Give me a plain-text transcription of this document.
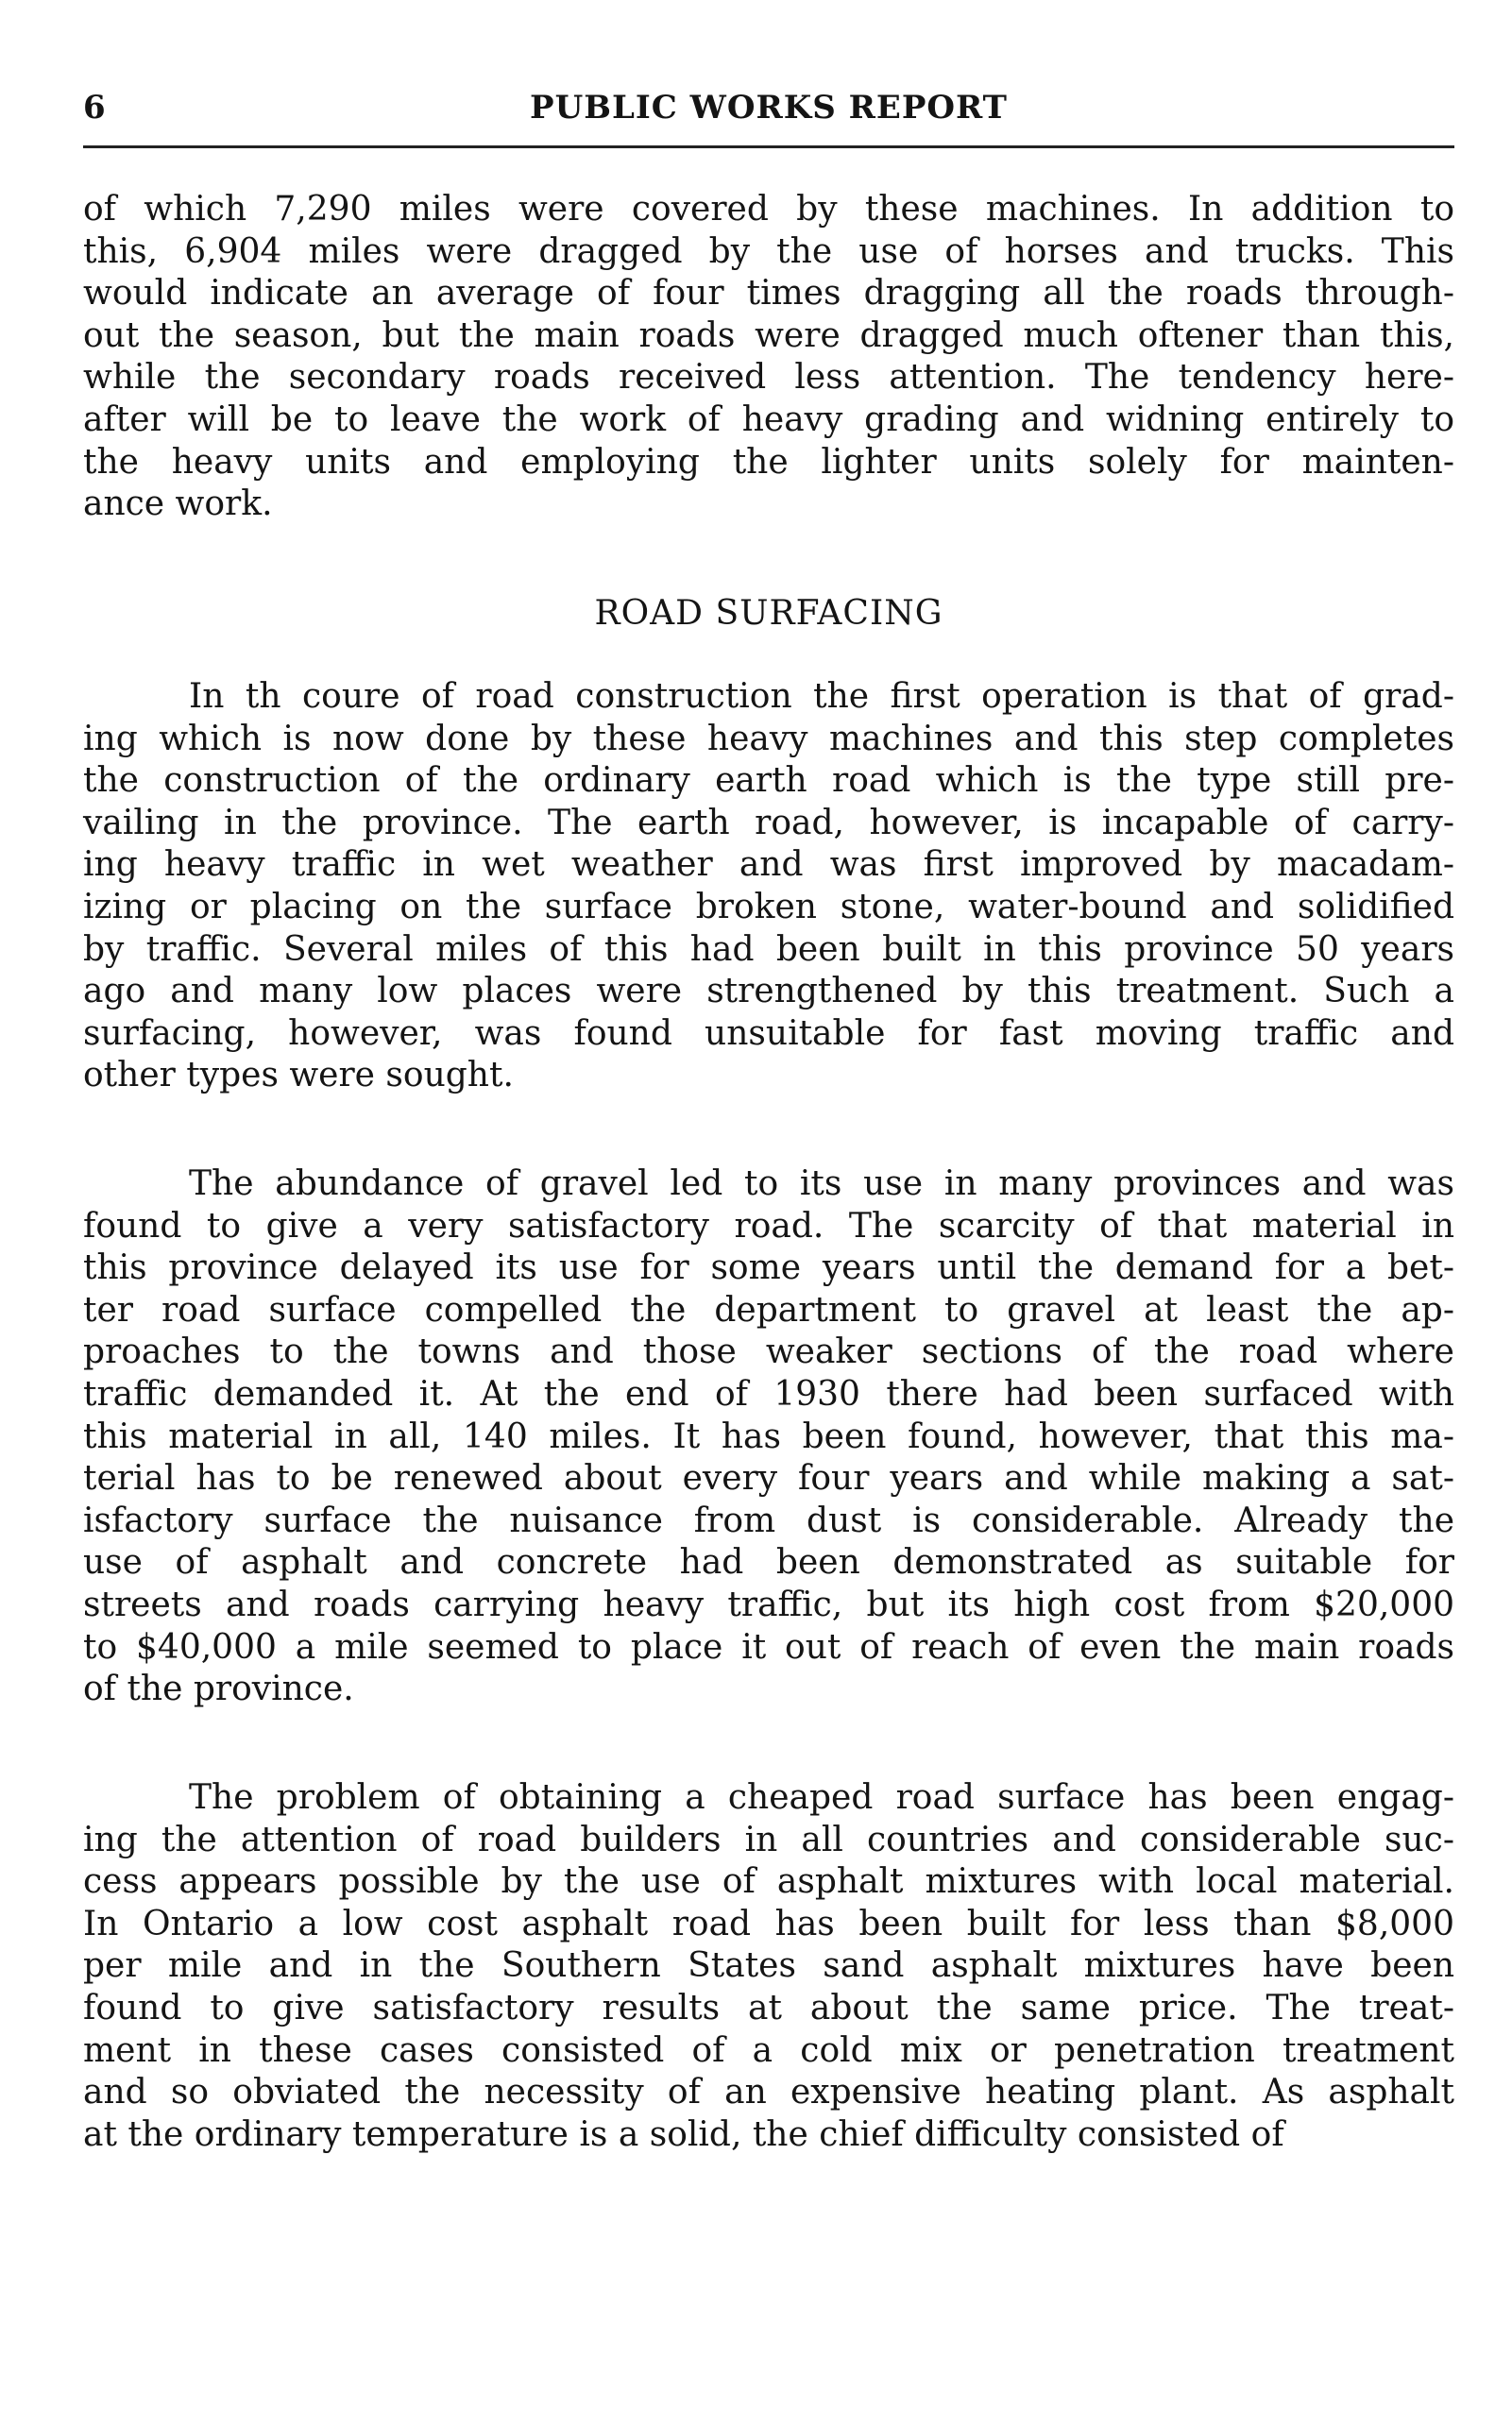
6	PUBLIC WORKS REPORT
of which 7,290 miles were covered by these machines. In addition to
this, 6,904 miles were dragged by the use of horses and trucks. This
would indicate an average of four times dragging all the roads through-
out the season, but the main roads were dragged much oftener than this,
while the secondary roads received less attention. The tendency here-
after will be to leave the work of heavy grading and widning entirely to
the heavy units and employing the lighter units solely for mainten-
ance work.
ROAD SURFACING
In th coure of road construction the first operation is that of grad-
ing which is now done by these heavy machines and this step completes
the construction of the ordinary earth road which is the type still pre-
vailing in the province. The earth road, however, is incapable of carry-
ing heavy traffic in wet weather and was first improved by macadam-
izing or placing on the surface broken stone, water-bound and solidified
by traffic. Several miles of this had been built in this province 50 years
ago and many low places were strengthened by this treatment. Such a
surfacing, however, was found unsuitable for fast moving traffic and
other types were sought.
The abundance of gravel led to its use in many provinces and was
found to give a very satisfactory road. The scarcity of that material in
this province delayed its use for some years until the demand for a bet-
ter road surface compelled the department to gravel at least the ap-
proaches to the towns and those weaker sections of the road where
traffic demanded it. At the end of 1930 there had been surfaced with
this material in all, 140 miles. It has been found, however, that this ma-
terial has to be renewed about every four years and while making a sat-
isfactory surface the nuisance from dust is considerable. Already the
use of asphalt and concrete had been demonstrated as suitable for
streets and roads carrying heavy traffic, but its high cost from $20,000
to $40,000 a mile seemed to place it out of reach of even the main roads
of the province.
The problem of obtaining a cheaped road surface has been engag-
ing the attention of road builders in all countries and considerable suc-
cess appears possible by the use of asphalt mixtures with local material.
In Ontario a low cost asphalt road has been built for less than $8,000
per mile and in the Southern States sand asphalt mixtures have been
found to give satisfactory results at about the same price. The treat-
ment in these cases consisted of a cold mix or penetration treatment
and so obviated the necessity of an expensive heating plant. As asphalt
at the ordinary temperature is a solid, the chief difficulty consisted of
